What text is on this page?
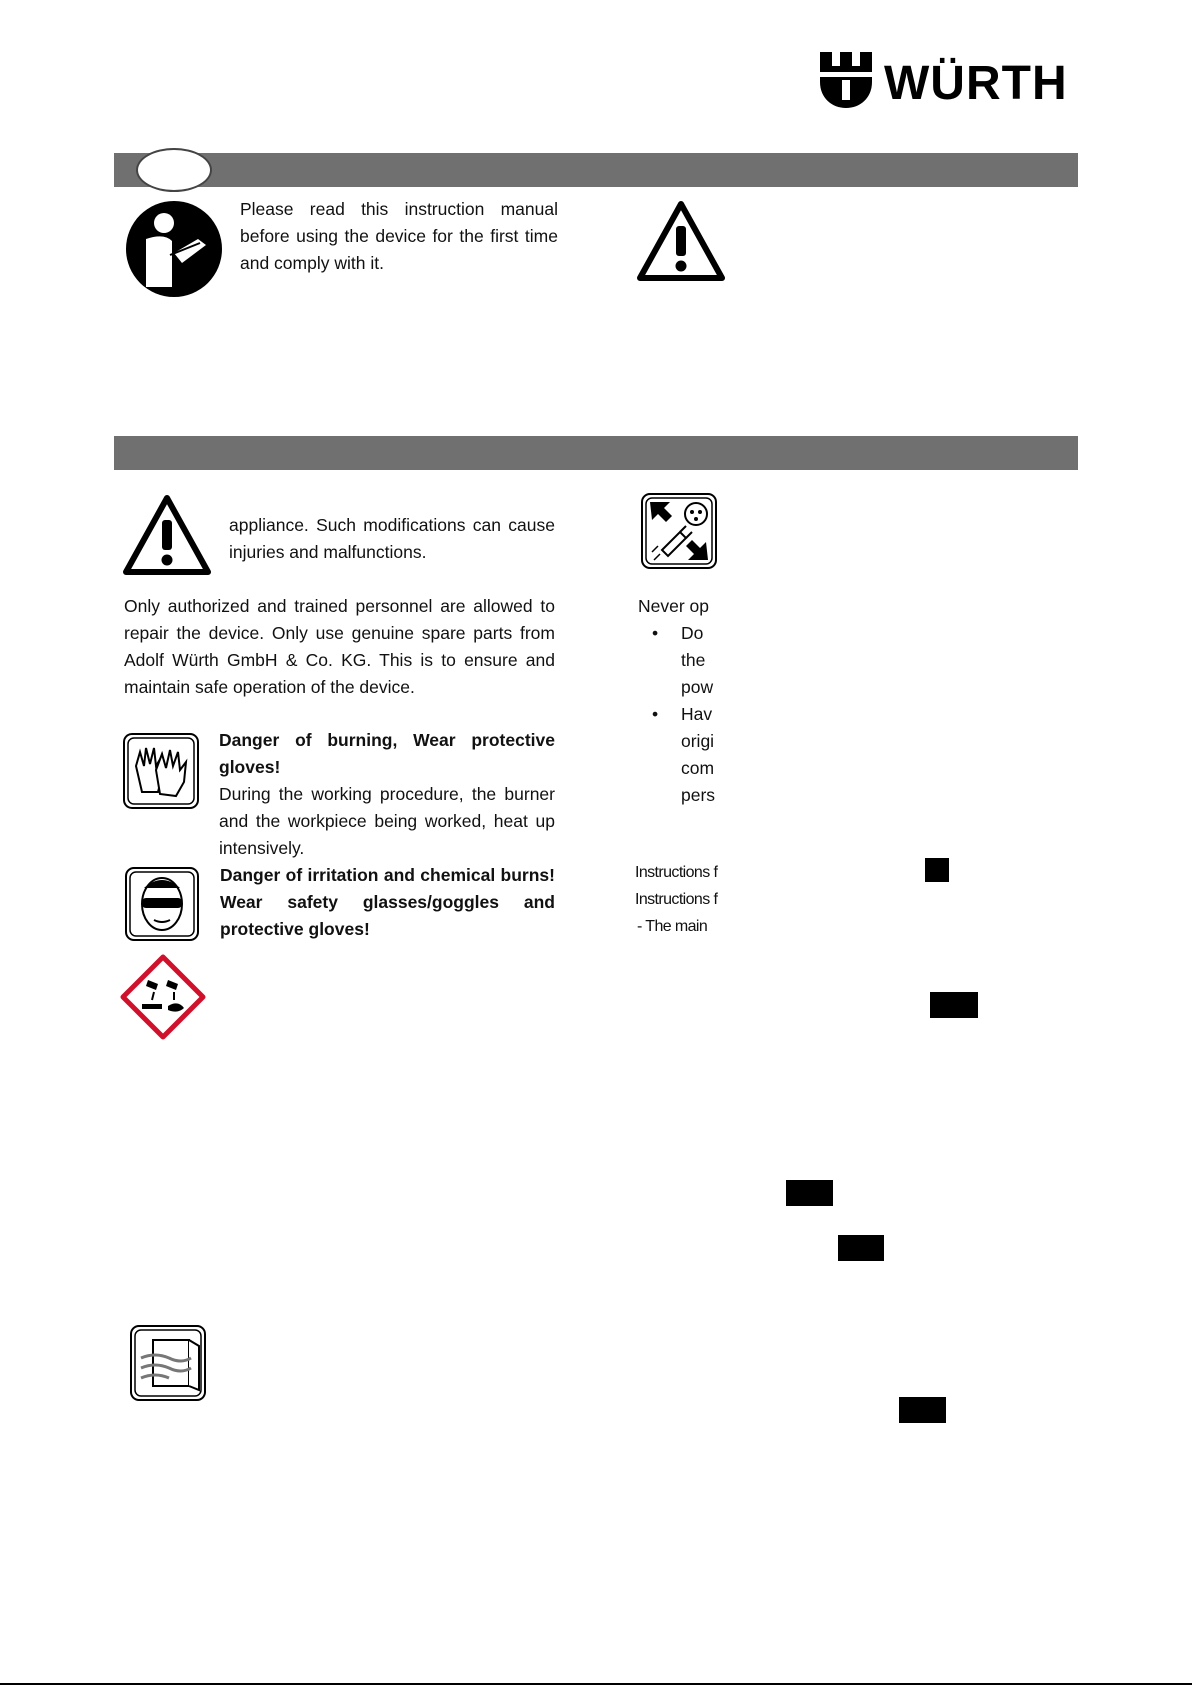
WÜRTH
Please read this instruction manual before using the device for the first time and comply with it.
appliance. Such modifications can cause injuries and malfunctions.
Only authorized and trained personnel are allowed to repair the device. Only use genuine spare parts from Adolf Würth GmbH & Co. KG. This is to ensure and maintain safe operation of the device.
Danger of burning, Wear protective gloves!
During the working procedure, the burner and the workpiece being worked, heat up intensively.
Danger of irritation and chemical burns! Wear safety glasses/goggles and protective gloves!
Never op
• Do
the
pow
• Hav
origi
com
pers
Instructions f
Instructions f
- The main
